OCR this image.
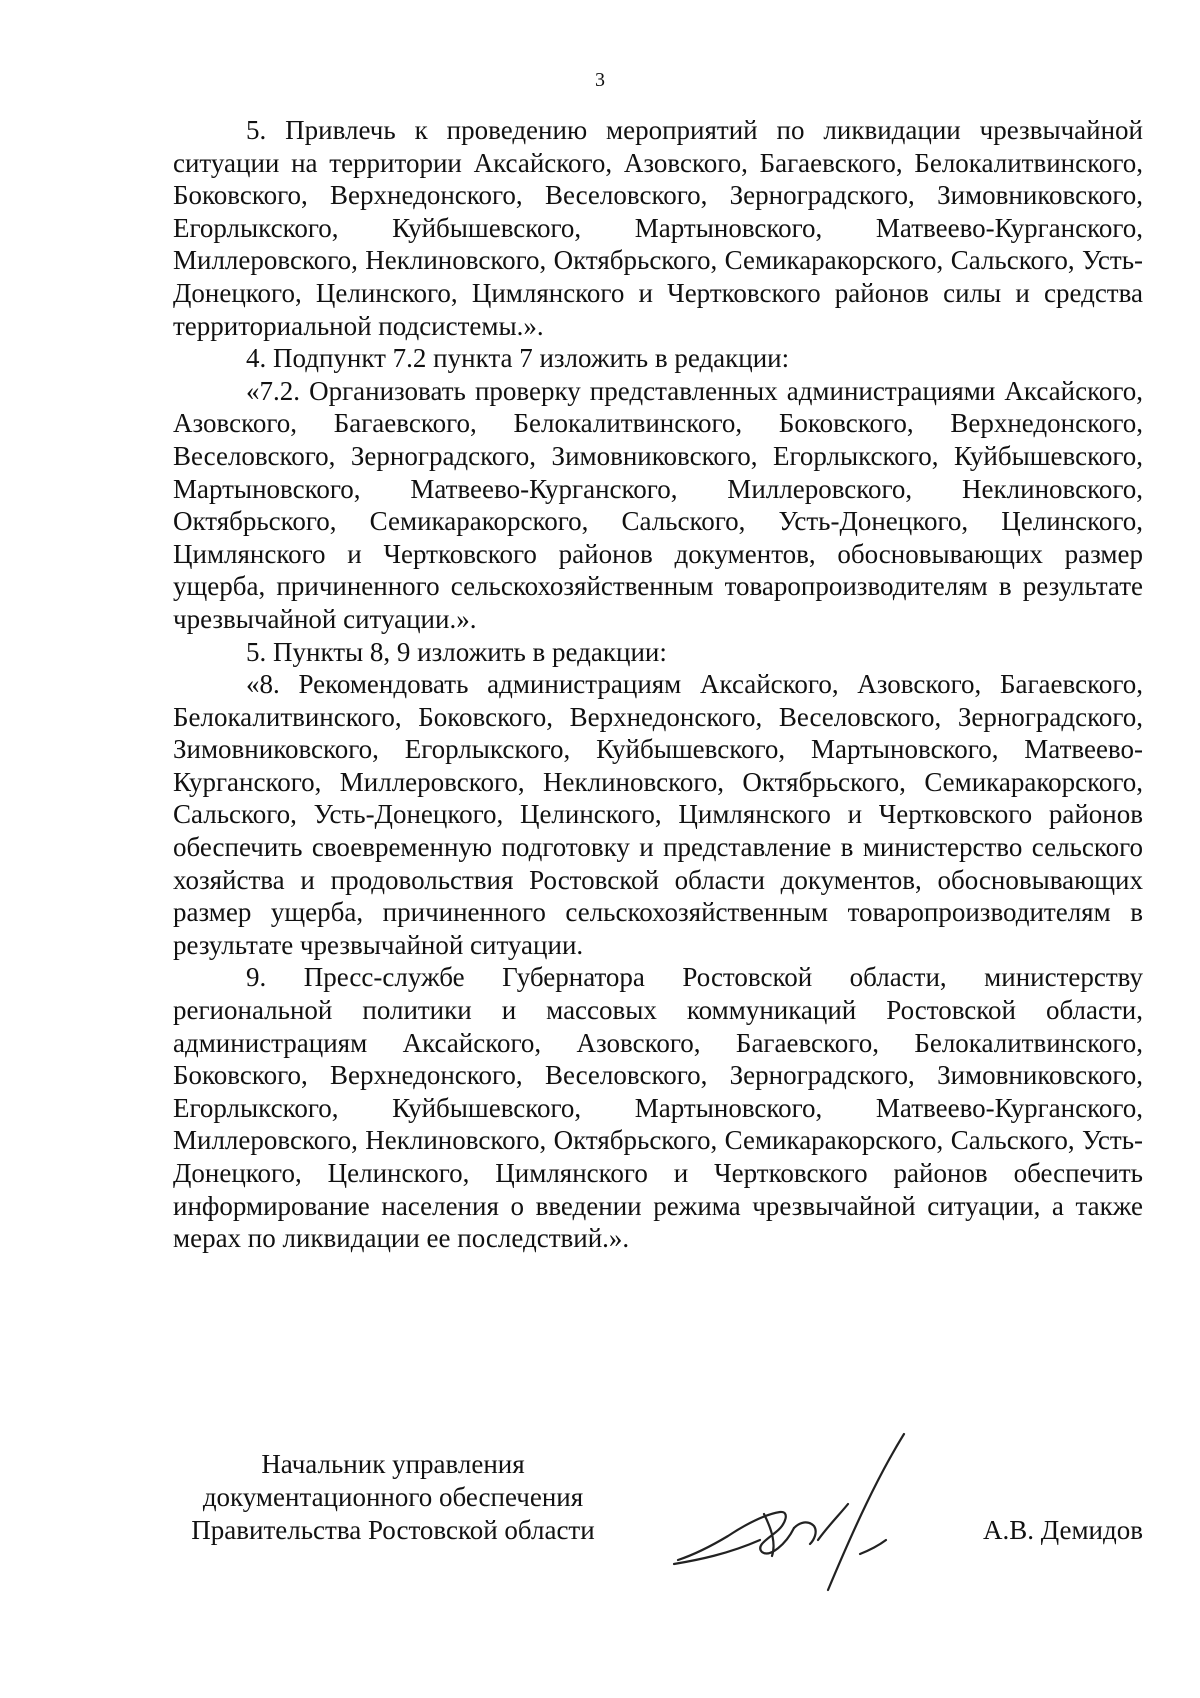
3

5. Привлечь к проведению мероприятий по ликвидации чрезвычайной ситуации на территории Аксайского, Азовского, Багаевского, Белокалитвинского, Боковского, Верхнедонского, Веселовского, Зерноградского, Зимовниковского, Егорлыкского, Куйбышевского, Мартыновского, Матвеево-Курганского, Миллеровского, Неклиновского, Октябрьского, Семикаракорского, Сальского, Усть-Донецкого, Целинского, Цимлянского и Чертковского районов силы и средства территориальной подсистемы.».

4. Подпункт 7.2 пункта 7 изложить в редакции:

«7.2. Организовать проверку представленных администрациями Аксайского, Азовского, Багаевского, Белокалитвинского, Боковского, Верхнедонского, Веселовского, Зерноградского, Зимовниковского, Егорлыкского, Куйбышевского, Мартыновского, Матвеево-Курганского, Миллеровского, Неклиновского, Октябрьского, Семикаракорского, Сальского, Усть-Донецкого, Целинского, Цимлянского и Чертковского районов документов, обосновывающих размер ущерба, причиненного сельскохозяйственным товаропроизводителям в результате чрезвычайной ситуации.».

5. Пункты 8, 9 изложить в редакции:

«8. Рекомендовать администрациям Аксайского, Азовского, Багаевского, Белокалитвинского, Боковского, Верхнедонского, Веселовского, Зерноградского, Зимовниковского, Егорлыкского, Куйбышевского, Мартыновского, Матвеево-Курганского, Миллеровского, Неклиновского, Октябрьского, Семикаракорского, Сальского, Усть-Донецкого, Целинского, Цимлянского и Чертковского районов обеспечить своевременную подготовку и представление в министерство сельского хозяйства и продовольствия Ростовской области документов, обосновывающих размер ущерба, причиненного сельскохозяйственным товаропроизводителям в результате чрезвычайной ситуации.

9. Пресс-службе Губернатора Ростовской области, министерству региональной политики и массовых коммуникаций Ростовской области, администрациям Аксайского, Азовского, Багаевского, Белокалитвинского, Боковского, Верхнедонского, Веселовского, Зерноградского, Зимовниковского, Егорлыкского, Куйбышевского, Мартыновского, Матвеево-Курганского, Миллеровского, Неклиновского, Октябрьского, Семикаракорского, Сальского, Усть-Донецкого, Целинского, Цимлянского и Чертковского районов обеспечить информирование населения о введении режима чрезвычайной ситуации, а также мерах по ликвидации ее последствий.».

Начальник управления
документационного обеспечения
Правительства Ростовской области	А.В. Демидов
